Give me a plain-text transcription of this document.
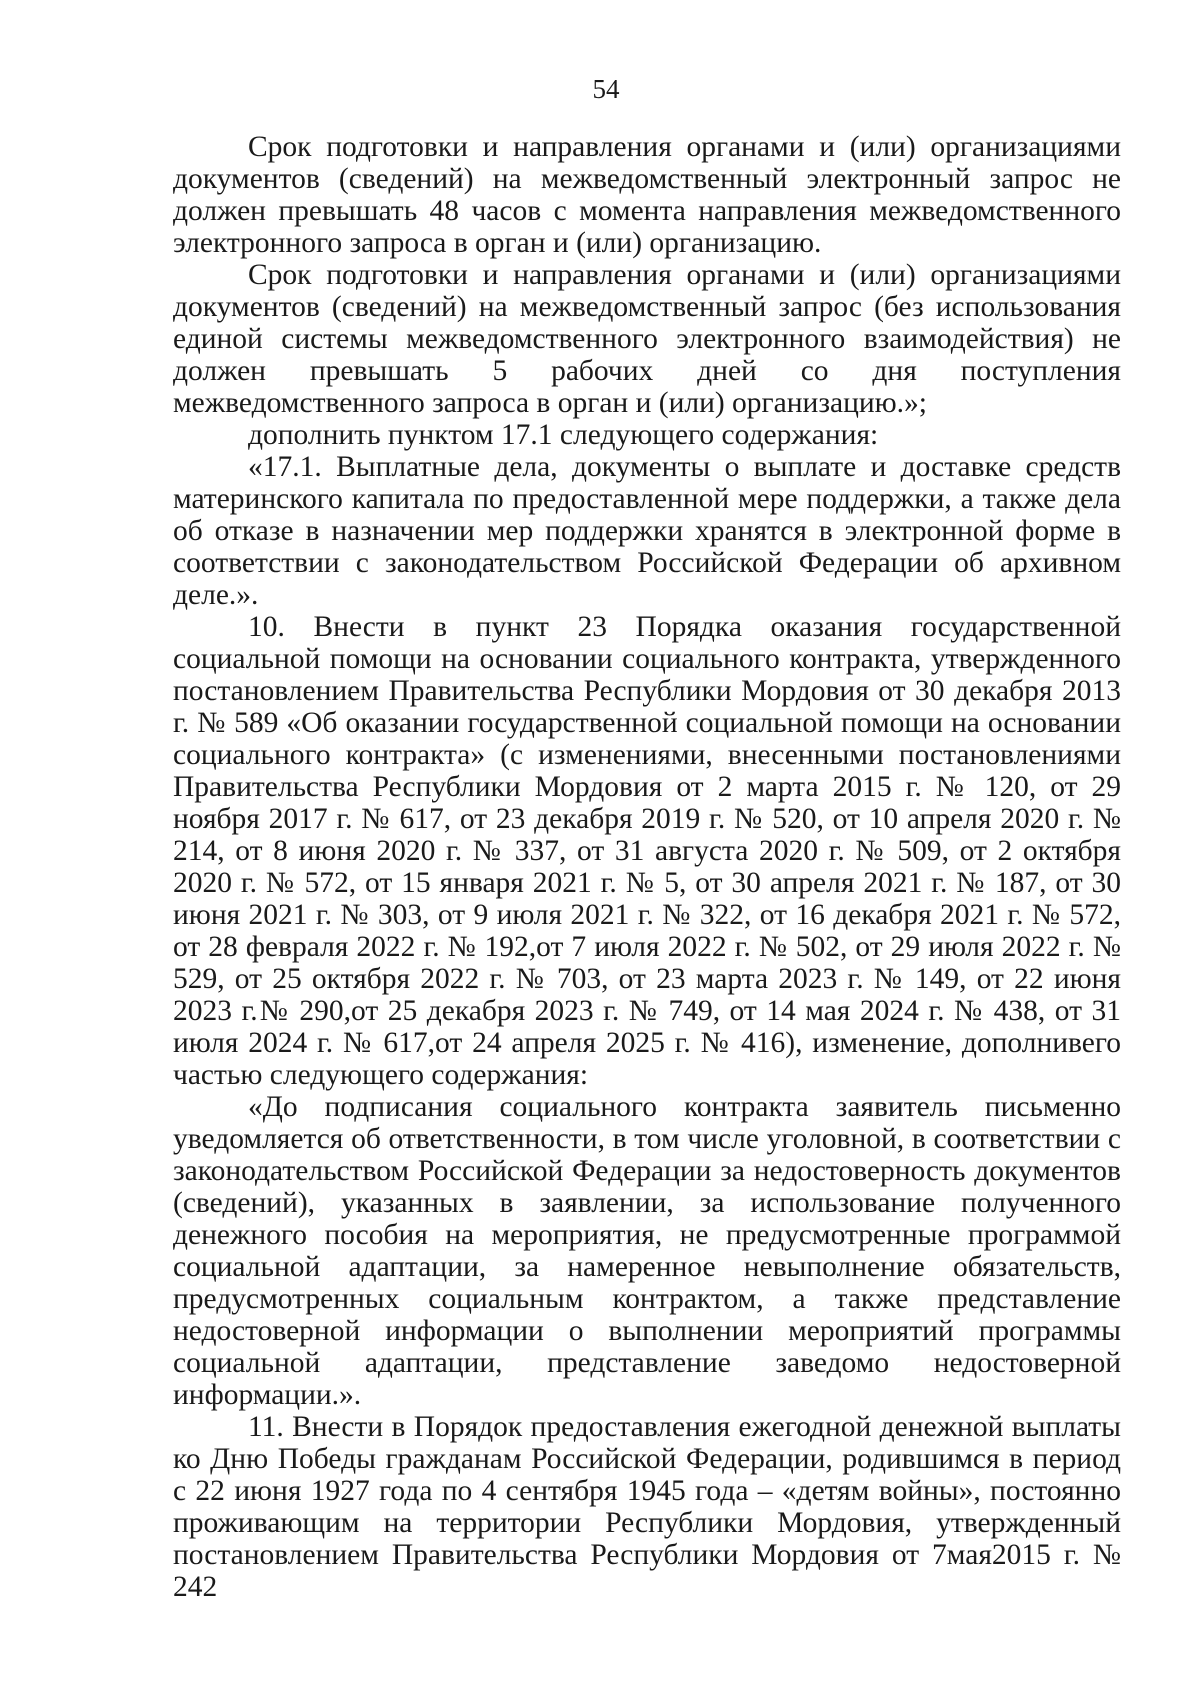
54

Срок подготовки и направления органами и (или) организациями документов (сведений) на межведомственный электронный запрос не должен превышать 48 часов с момента направления межведомственного электронного запроса в орган и (или) организацию.

Срок подготовки и направления органами и (или) организациями документов (сведений) на межведомственный запрос (без использования единой системы межведомственного электронного взаимодействия) не должен превышать 5 рабочих дней со дня поступления межведомственного запроса в орган и (или) организацию.»;

дополнить пунктом 17.1 следующего содержания:

«17.1. Выплатные дела, документы о выплате и доставке средств материнского капитала по предоставленной мере поддержки, а также дела об отказе в назначении мер поддержки хранятся в электронной форме в соответствии с законодательством Российской Федерации об архивном деле.».

10. Внести в пункт 23 Порядка оказания государственной социальной помощи на основании социального контракта, утвержденного постановлением Правительства Республики Мордовия от 30 декабря 2013 г. № 589 «Об оказании государственной социальной помощи на основании социального контракта» (с изменениями, внесенными постановлениями Правительства Республики Мордовия от 2 марта 2015 г. № 120, от 29 ноября 2017 г. № 617, от 23 декабря 2019 г. № 520, от 10 апреля 2020 г. № 214, от 8 июня 2020 г. № 337, от 31 августа 2020 г. № 509, от 2 октября 2020 г. № 572, от 15 января 2021 г. № 5, от 30 апреля 2021 г. № 187, от 30 июня 2021 г. № 303, от 9 июля 2021 г. № 322, от 16 декабря 2021 г. № 572, от 28 февраля 2022 г. № 192,от 7 июля 2022 г. № 502, от 29 июля 2022 г. № 529, от 25 октября 2022 г. № 703, от 23 марта 2023 г. № 149, от 22 июня 2023 г.№ 290,от 25 декабря 2023 г. № 749, от 14 мая 2024 г. № 438, от 31 июля 2024 г. № 617,от 24 апреля 2025 г. № 416), изменение, дополнивего частью следующего содержания:

«До подписания социального контракта заявитель письменно уведомляется об ответственности, в том числе уголовной, в соответствии с законодательством Российской Федерации за недостоверность документов (сведений), указанных в заявлении, за использование полученного денежного пособия на мероприятия, не предусмотренные программой социальной адаптации, за намеренное невыполнение обязательств, предусмотренных социальным контрактом, а также представление недостоверной информации о выполнении мероприятий программы социальной адаптации, представление заведомо недостоверной информации.».

11. Внести в Порядок предоставления ежегодной денежной выплаты ко Дню Победы гражданам Российской Федерации, родившимся в период с 22 июня 1927 года по 4 сентября 1945 года – «детям войны», постоянно проживающим на территории Республики Мордовия, утвержденный постановлением Правительства Республики Мордовия от 7мая2015 г. № 242
